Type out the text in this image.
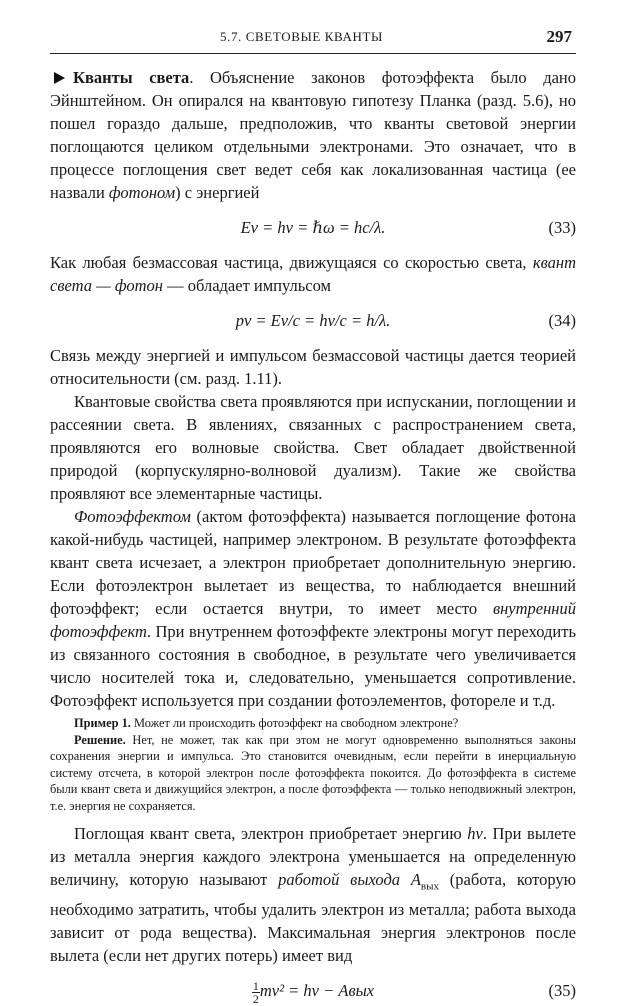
5.7. СВЕТОВЫЕ КВАНТЫ	297

Кванты света. Объяснение законов фотоэффекта было дано Эйнштейном. Он опирался на квантовую гипотезу Планка (разд. 5.6), но пошел гораздо дальше, предположив, что кванты световой энергии поглощаются целиком отдельными электронами. Это означает, что в процессе поглощения свет ведет себя как локализованная частица (ее назвали фотоном) с энергией

Eν = hν = ℏω = hc/λ.	(33)

Как любая безмассовая частица, движущаяся со скоростью света, квант света — фотон — обладает импульсом

pν = Eν/c = hν/c = h/λ.	(34)

Связь между энергией и импульсом безмассовой частицы дается теорией относительности (см. разд. 1.11).

Квантовые свойства света проявляются при испускании, поглощении и рассеянии света. В явлениях, связанных с распространением света, проявляются его волновые свойства. Свет обладает двойственной природой (корпускулярно-волновой дуализм). Такие же свойства проявляют все элементарные частицы.

Фотоэффектом (актом фотоэффекта) называется поглощение фотона какой-нибудь частицей, например электроном. В результате фотоэффекта квант света исчезает, а электрон приобретает дополнительную энергию. Если фотоэлектрон вылетает из вещества, то наблюдается внешний фотоэффект; если остается внутри, то имеет место внутренний фотоэффект. При внутреннем фотоэффекте электроны могут переходить из связанного состояния в свободное, в результате чего увеличивается число носителей тока и, следовательно, уменьшается сопротивление. Фотоэффект используется при создании фотоэлементов, фотореле и т.д.

Пример 1. Может ли происходить фотоэффект на свободном электроне?

Решение. Нет, не может, так как при этом не могут одновременно выполняться законы сохранения энергии и импульса. Это становится очевидным, если перейти в инерциальную систему отсчета, в которой электрон после фотоэффекта покоится. До фотоэффекта в системе были квант света и движущийся электрон, а после фотоэффекта — только неподвижный электрон, т.е. энергия не сохраняется.

Поглощая квант света, электрон приобретает энергию hν. При вылете из металла энергия каждого электрона уменьшается на определенную величину, которую называют работой выхода $A_{вых}$ (работа, которую необходимо затратить, чтобы удалить электрон из металла; работа выхода зависит от рода вещества). Максимальная энергия электронов после вылета (если нет других потерь) имеет вид

$\frac{1}{2} mv^2 = h\nu$ − Aвых	(35)
